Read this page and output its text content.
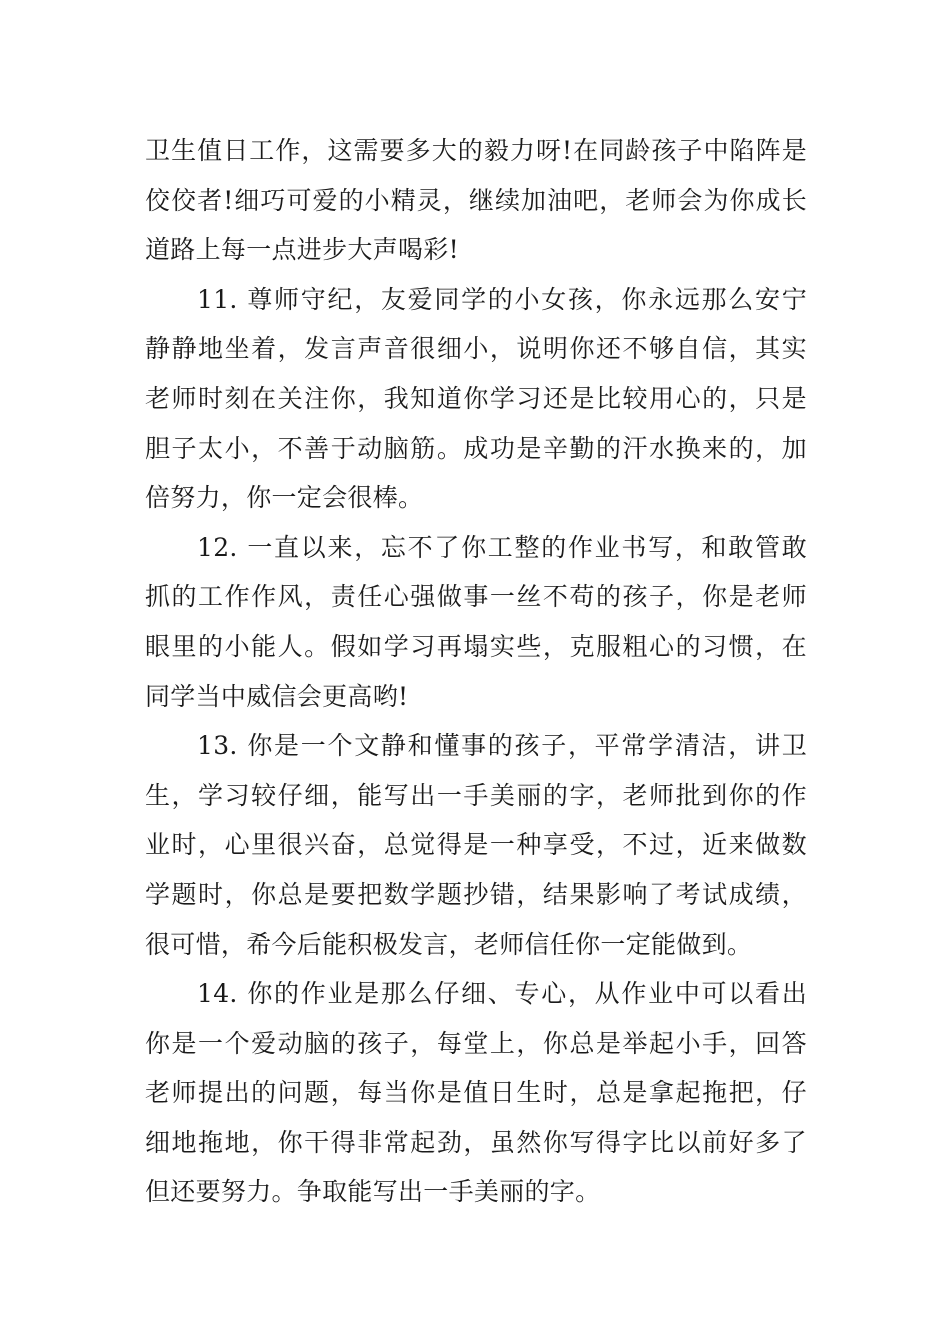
卫生值日工作，这需要多大的毅力呀!在同龄孩子中陷阵是
佼佼者!细巧可爱的小精灵，继续加油吧，老师会为你成长
道路上每一点进步大声喝彩!
11. 尊师守纪，友爱同学的小女孩，你永远那么安宁
静静地坐着，发言声音很细小，说明你还不够自信，其实
老师时刻在关注你，我知道你学习还是比较用心的，只是
胆子太小，不善于动脑筋。成功是辛勤的汗水换来的，加
倍努力，你一定会很棒。
12. 一直以来，忘不了你工整的作业书写，和敢管敢
抓的工作作风，责任心强做事一丝不苟的孩子，你是老师
眼里的小能人。假如学习再塌实些，克服粗心的习惯，在
同学当中威信会更高哟!
13. 你是一个文静和懂事的孩子，平常学清洁，讲卫
生，学习较仔细，能写出一手美丽的字，老师批到你的作
业时，心里很兴奋，总觉得是一种享受，不过，近来做数
学题时，你总是要把数学题抄错，结果影响了考试成绩，
很可惜，希今后能积极发言，老师信任你一定能做到。
14. 你的作业是那么仔细、专心，从作业中可以看出
你是一个爱动脑的孩子，每堂上，你总是举起小手，回答
老师提出的问题，每当你是值日生时，总是拿起拖把，仔
细地拖地，你干得非常起劲，虽然你写得字比以前好多了
但还要努力。争取能写出一手美丽的字。
